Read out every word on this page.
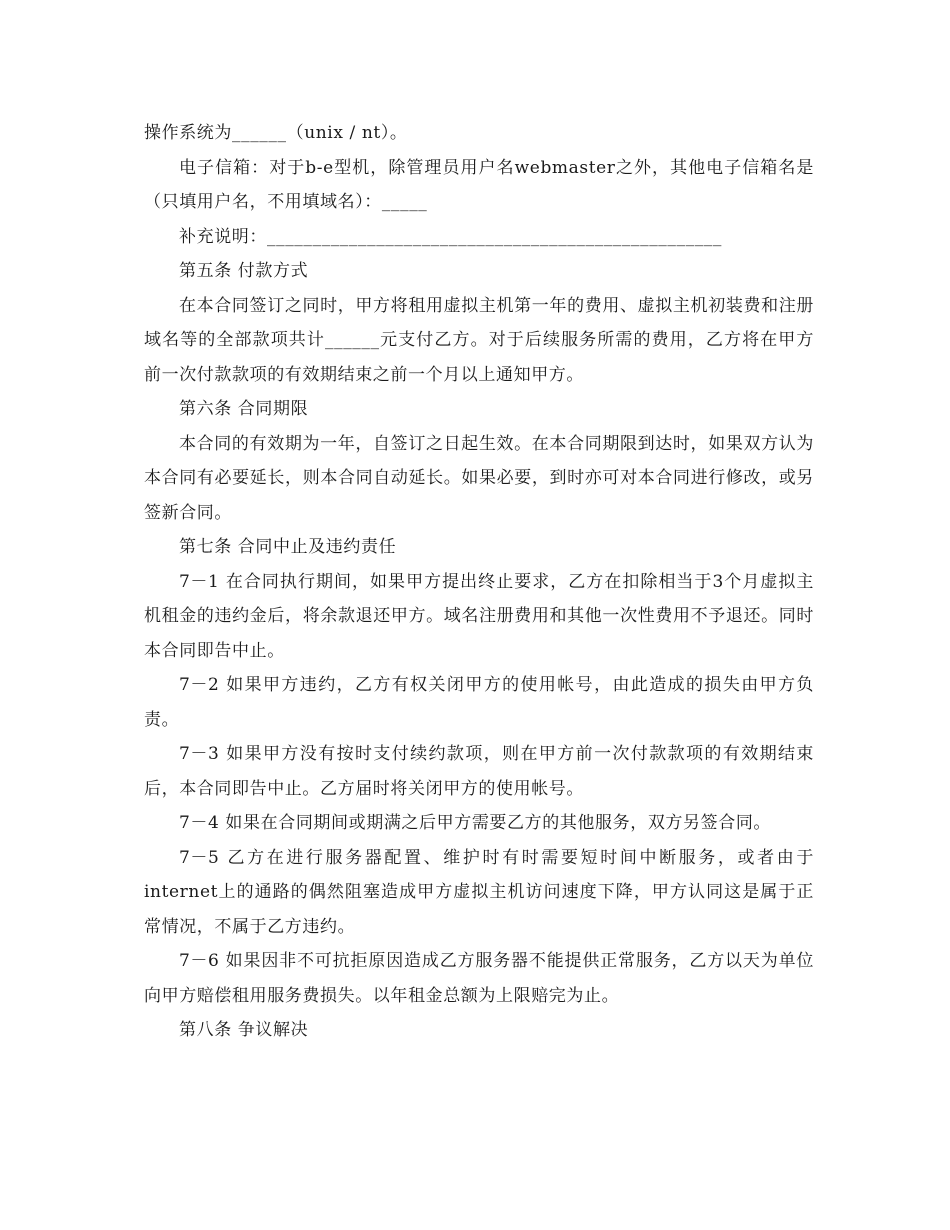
操作系统为______（unix / nt）。

电子信箱：对于b-e型机，除管理员用户名webmaster之外，其他电子信箱名是（只填用户名，不用填域名）：_____

补充说明：__________________________________________________

第五条 付款方式

在本合同签订之同时，甲方将租用虚拟主机第一年的费用、虚拟主机初装费和注册域名等的全部款项共计______元支付乙方。对于后续服务所需的费用，乙方将在甲方前一次付款款项的有效期结束之前一个月以上通知甲方。

第六条 合同期限

本合同的有效期为一年，自签订之日起生效。在本合同期限到达时，如果双方认为本合同有必要延长，则本合同自动延长。如果必要，到时亦可对本合同进行修改，或另签新合同。

第七条 合同中止及违约责任

7－1 在合同执行期间，如果甲方提出终止要求，乙方在扣除相当于3个月虚拟主机租金的违约金后，将余款退还甲方。域名注册费用和其他一次性费用不予退还。同时本合同即告中止。

7－2 如果甲方违约，乙方有权关闭甲方的使用帐号，由此造成的损失由甲方负责。

7－3 如果甲方没有按时支付续约款项，则在甲方前一次付款款项的有效期结束后，本合同即告中止。乙方届时将关闭甲方的使用帐号。

7－4 如果在合同期间或期满之后甲方需要乙方的其他服务，双方另签合同。

7－5 乙方在进行服务器配置、维护时有时需要短时间中断服务，或者由于internet上的通路的偶然阻塞造成甲方虚拟主机访问速度下降，甲方认同这是属于正常情况，不属于乙方违约。

7－6 如果因非不可抗拒原因造成乙方服务器不能提供正常服务，乙方以天为单位向甲方赔偿租用服务费损失。以年租金总额为上限赔完为止。

第八条 争议解决
